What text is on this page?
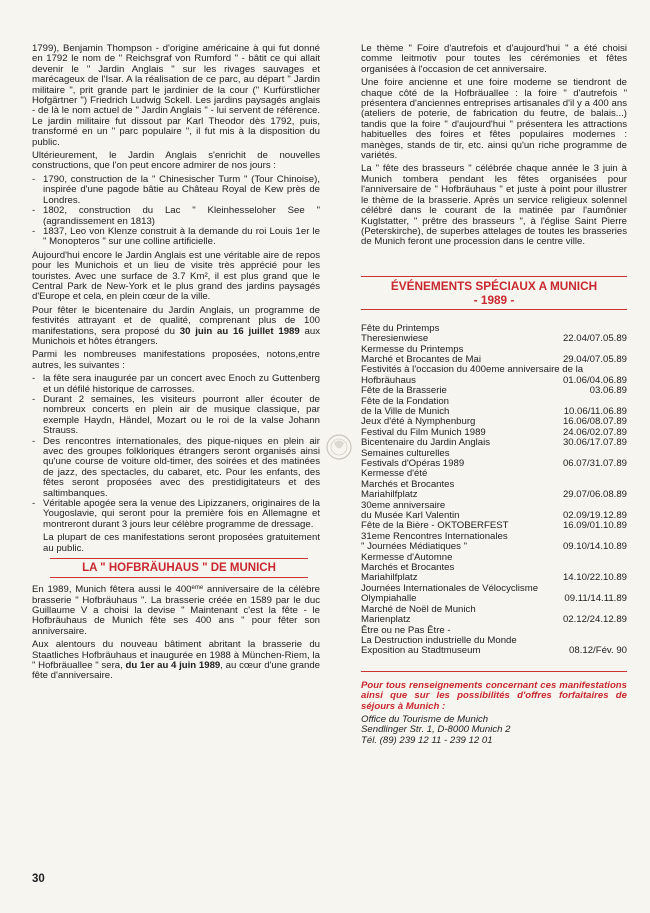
1799), Benjamin Thompson - d'origine américaine à qui fut donné en 1792 le nom de " Reichsgraf von Rumford " - bâtit ce qui allait devenir le " Jardin Anglais " sur les rivages sauvages et marécageux de l'Isar. A la réalisation de ce parc, au départ " Jardin militaire ", prit grande part le jardinier de la cour (" Kurfürstlicher Hofgärtner ") Friedrich Ludwig Sckell. Les jardins paysagés anglais - de là le nom actuel de " Jardin Anglais " - lui servent de référence. Le jardin militaire fut dissout par Karl Theodor dès 1792, puis, transformé en un " parc populaire ", il fut mis à la disposition du public.

Ultérieurement, le Jardin Anglais s'enrichit de nouvelles constructions, que l'on peut encore admirer de nos jours :

- 1790, construction de la " Chinesischer Turm " (Tour Chinoise), inspirée d'une pagode bâtie au Château Royal de Kew près de Londres.
- 1802, construction du Lac " Kleinhesseloher See " (agrandissement en 1813)
- 1837, Leo von Klenze construit à la demande du roi Louis 1er le " Monopteros " sur une colline artificielle.

Aujourd'hui encore le Jardin Anglais est une véritable aire de repos pour les Munichois et un lieu de visite très apprécié pour les touristes. Avec une surface de 3.7 Km², il est plus grand que le Central Park de New-York et le plus grand des jardins paysagés d'Europe et cela, en plein cœur de la ville.

Pour fêter le bicentenaire du Jardin Anglais, un programme de festivités attrayant et de qualité, comprenant plus de 100 manifestations, sera proposé du 30 juin au 16 juillet 1989 aux Munichois et hôtes étrangers.

Parmi les nombreuses manifestations proposées, notons,entre autres, les suivantes :

- la fête sera inaugurée par un concert avec Enoch zu Guttenberg et un défilé historique de carrosses.
- Durant 2 semaines, les visiteurs pourront aller écouter de nombreux concerts en plein air de musique classique, par exemple Haydn, Händel, Mozart ou le roi de la valse Johann Strauss.
- Des rencontres internationales, des pique-niques en plein air avec des groupes folkloriques étrangers seront organisés ainsi qu'une course de voiture old-timer, des soirées et des matinées de jazz, des spectacles, du cabaret, etc. Pour les enfants, des fêtes seront proposées avec des prestidigitateurs et des saltimbanques.
- Véritable apogée sera la venue des Lipizzaners, originaires de la Yougoslavie, qui seront pour la première fois en Allemagne et montreront durant 3 jours leur célèbre programme de dressage.

La plupart de ces manifestations seront proposées gratuitement au public.

LA " HOFBRÄUHAUS " DE MUNICH

En 1989, Munich fêtera aussi le 400eme anniversaire de la célèbre brasserie " Hofbräuhaus ". La brasserie créée en 1589 par le duc Guillaume V a choisi la devise " Maintenant c'est la fête - le Hofbräuhaus de Munich fête ses 400 ans " pour fêter son anniversaire.

Aux alentours du nouveau bâtiment abritant la brasserie du Staatliches Hofbräuhaus et inaugurée en 1988 à München-Riem, la " Hofbräuallee " sera, du 1er au 4 juin 1989, au cœur d'une grande fête d'anniversaire.

Le thème " Foire d'autrefois et d'aujourd'hui " a été choisi comme leitmotiv pour toutes les cérémonies et fêtes organisées à l'occasion de cet anniversaire.

Une foire ancienne et une foire moderne se tiendront de chaque côté de la Hofbräuallee : la foire " d'autrefois " présentera d'anciennes entreprises artisanales d'il y a 400 ans (ateliers de poterie, de fabrication du feutre, de balais...) tandis que la foire " d'aujourd'hui " présentera les attractions habituelles des foires et fêtes populaires modernes : manèges, stands de tir, etc. ainsi qu'un riche programme de variétés.

La " fête des brasseurs " célébrée chaque année le 3 juin à Munich tombera pendant les fêtes organisées pour l'anniversaire de " Hofbräuhaus " et juste à point pour illustrer le thème de la brasserie. Après un service religieux solennel célébré dans le courant de la matinée par l'aumônier Kuglstatter, " prêtre des brasseurs ", à l'église Saint Pierre (Peterskirche), de superbes attelages de toutes les brasseries de Munich feront une procession dans le centre ville.

ÉVÉNEMENTS SPÉCIAUX A MUNICH
- 1989 -
Fête du Printemps	
Theresienwiese	22.04/07.05.89
Kermesse du Printemps	
Marché et Brocantes de Mai	29.04/07.05.89
Festivités à l'occasion du 400eme anniversaire de la	
Hofbräuhaus	01.06/04.06.89
Fête de la Brasserie	03.06.89
Fête de la Fondation	
de la Ville de Munich	10.06/11.06.89
Jeux d'été à Nymphenburg	16.06/08.07.89
Festival du Film Munich 1989	24.06/02.07.89
Bicentenaire du Jardin Anglais	30.06/17.07.89
Semaines culturelles	
Festivals d'Opéras 1989	06.07/31.07.89
Kermesse d'été	
Marchés et Brocantes	
Mariahilfplatz	29.07/06.08.89
30eme anniversaire	
du Musée Karl Valentin	02.09/19.12.89
Fête de la Bière - OKTOBERFEST	16.09/01.10.89
31eme Rencontres Internationales	
" Journées Médiatiques "	09.10/14.10.89
Kermesse d'Automne	
Marchés et Brocantes	
Mariahilfplatz	14.10/22.10.89
Journées Internationales de Vélocyclisme	
Olympiahalle	09.11/14.11.89
Marché de Noël de Munich	
Marienplatz	02.12/24.12.89
Être ou ne Pas Être -	
La Destruction industrielle du Monde	
Exposition au Stadtmuseum	08.12/Fév. 90
Pour tous renseignements concernant ces manifestations ainsi que sur les possibilités d'offres forfaitaires de séjours à Munich :
Office du Tourisme de Munich
Sendlinger Str. 1, D-8000 Munich 2
Tél. (89) 239 12 11 - 239 12 01
30
